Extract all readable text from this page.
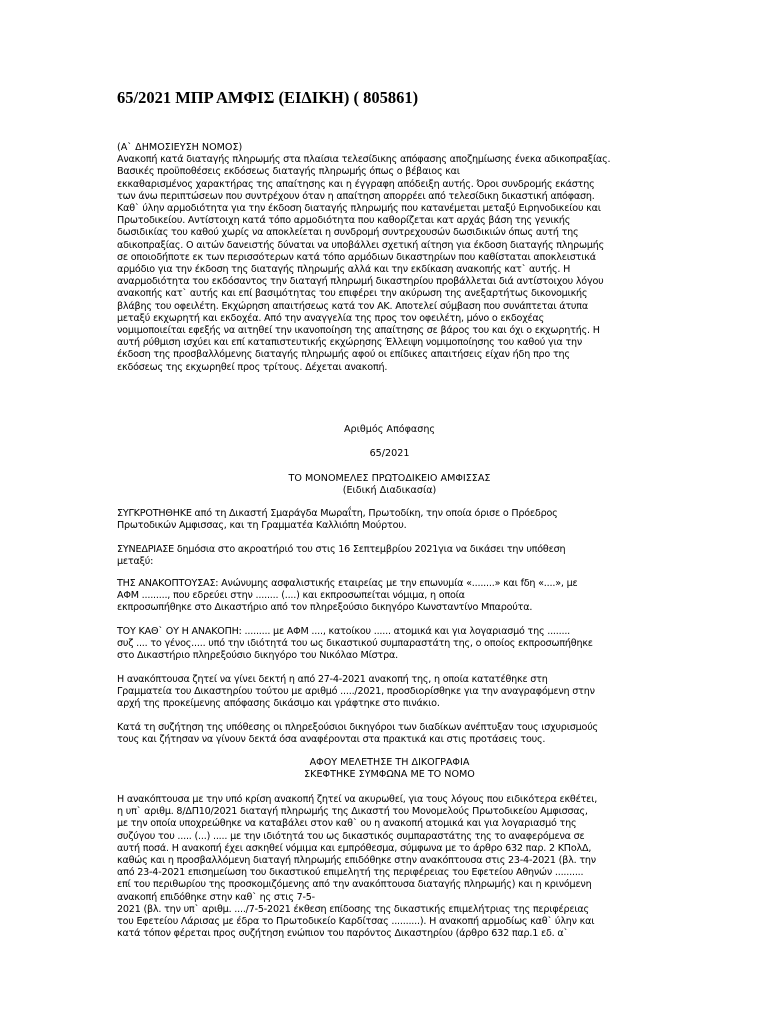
65/2021 ΜΠΡ ΑΜΦΙΣ (ΕΙΔΙΚΗ) ( 805861)

(Α` ΔΗΜΟΣΙΕΥΣΗ ΝΟΜΟΣ)

Ανακοπή κατά διαταγής πληρωμής στα πλαίσια τελεσίδικης απόφασης αποζημίωσης ένεκα αδικοπραξίας.

Βασικές προϋποθέσεις εκδόσεως διαταγής πληρωμής όπως ο βέβαιος και

εκκαθαρισμένος χαρακτήρας της απαίτησης και η έγγραφη απόδειξη αυτής. Όροι συνδρομής εκάστης

των άνω περιπτώσεων που συντρέχουν όταν η απαίτηση απορρέει από τελεσίδικη δικαστική απόφαση.

Καθ` ύλην αρμοδιότητα για την έκδοση διαταγής πληρωμής που κατανέμεται μεταξύ Ειρηνοδικείου και

Πρωτοδικείου. Αντίστοιχη κατά τόπο αρμοδιότητα που καθορίζεται κατ αρχάς βάση της γενικής

δωσιδικίας του καθού χωρίς να αποκλείεται η συνδρομή συντρεχουσών δωσιδικιών όπως αυτή της

αδικοπραξίας. Ο αιτών δανειστής δύναται να υποβάλλει σχετική αίτηση για έκδοση διαταγής πληρωμής

σε οποιοδήποτε εκ των περισσότερων κατά τόπο αρμόδιων δικαστηρίων που καθίσταται αποκλειστικά

αρμόδιο για την έκδοση της διαταγής πληρωμής αλλά και την εκδίκαση ανακοπής κατ` αυτής. Η

αναρμοδιότητα του εκδόσαντος την διαταγή πληρωμή δικαστηρίου προβάλλεται διά αντίστοιχου λόγου

ανακοπής κατ` αυτής και επί βασιμότητας του επιφέρει την ακύρωση της ανεξαρτήτως δικονομικής

βλάβης του οφειλέτη. Εκχώρηση απαιτήσεως κατά τον ΑΚ. Αποτελεί σύμβαση που συνάπτεται άτυπα

μεταξύ εκχωρητή και εκδοχέα. Από την αναγγελία της προς τον οφειλέτη, μόνο ο εκδοχέας

νομιμοποιείται εφεξής να αιτηθεί την ικανοποίηση της απαίτησης σε βάρος του και όχι ο εκχωρητής. Η

αυτή ρύθμιση ισχύει και επί καταπιστευτικής εκχώρησης Έλλειψη νομιμοποίησης του καθού για την

έκδοση της προσβαλλόμενης διαταγής πληρωμής αφού οι επίδικες απαιτήσεις είχαν ήδη προ της

εκδόσεως της εκχωρηθεί προς τρίτους. Δέχεται ανακοπή.

Αριθμός Απόφασης

65/2021

ΤΟ ΜΟΝΟΜΕΛΕΣ ΠΡΩΤΟΔΙΚΕΙΟ ΑΜΦΙΣΣΑΣ

(Ειδική Διαδικασία)

ΣΥΓΚΡΟΤΗΘΗΚΕ από τη Δικαστή Σμαράγδα Μωραΐτη, Πρωτοδίκη, την οποία όρισε ο Πρόεδρος

Πρωτοδικών Αμφισσας, και τη Γραμματέα Καλλιόπη Μούρτου.

ΣΥΝΕΔΡΙΑΣΕ δημόσια στο ακροατήριό του στις 16 Σεπτεμβρίου 2021για να δικάσει την υπόθεση

μεταξύ:

ΤΗΣ ΑΝΑΚΟΠΤΟΥΣΑΣ: Ανώνυμης ασφαλιστικής εταιρείας με την επωνυμία «........» και fδη «....», με

ΑΦΜ ........., που εδρεύει στην ........ (....) και εκπροσωπείται νόμιμα, η οποία

εκπροσωπήθηκε στο Δικαστήριο από τον πληρεξούσιο δικηγόρο Κωνσταντίνο Μπαρούτα.

ΤΟΥ ΚΑΘ` ΟΥ Η ΑΝΑΚΟΠΗ: ......... με ΑΦΜ ...., κατοίκου ...... ατομικά και για λογαριασμό της ........

συζ .... το γένος..... υπό την ιδιότητά του ως δικαστικού συμπαραστάτη της, ο οποίος εκπροσωπήθηκε

στο Δικαστήριο πληρεξούσιο δικηγόρο του Νικόλαο Μίστρα.

Η ανακόπτουσα ζητεί να γίνει δεκτή η από 27-4-2021 ανακοπή της, η οποία κατατέθηκε στη

Γραμματεία του Δικαστηρίου τούτου με αριθμό ...../2021, προσδιορίσθηκε για την αναγραφόμενη στην

αρχή της προκείμενης απόφασης δικάσιμο και γράφτηκε στο πινάκιο.

Κατά τη συζήτηση της υπόθεσης οι πληρεξούσιοι δικηγόροι των διαδίκων ανέπτυξαν τους ισχυρισμούς

τους και ζήτησαν να γίνουν δεκτά όσα αναφέρονται στα πρακτικά και στις προτάσεις τους.

ΑΦΟΥ ΜΕΛΕΤΗΣΕ ΤΗ ΔΙΚΟΓΡΑΦΙΑ

ΣΚΕΦΤΗΚΕ ΣΥΜΦΩΝΑ ΜΕ ΤΟ ΝΟΜΟ

Η ανακόπτουσα με την υπό κρίση ανακοπή ζητεί να ακυρωθεί, για τους λόγους που ειδικότερα εκθέτει,

η υπ` αριθμ. 8/ΔΠ10/2021 διαταγή πληρωμής της Δικαστή του Μονομελούς Πρωτοδικείου Αμφισσας,

με την οποία υποχρεώθηκε να καταβάλει στον καθ` ου η ανακοπή ατομικά και για λογαριασμό της

συζύγου του ..... (...) ..... με την ιδιότητά του ως δικαστικός συμπαραστάτης της το αναφερόμενα σε

αυτή ποσά. Η ανακοπή έχει ασκηθεί νόμιμα και εμπρόθεσμα, σύμφωνα με το άρθρο 632 παρ. 2 ΚΠολΔ,

καθώς και η προσβαλλόμενη διαταγή πληρωμής επιδόθηκε στην ανακόπτουσα στις 23-4-2021 (βλ. την

από 23-4-2021 επισημείωση του δικαστικού επιμελητή της περιφέρειας του Εφετείου Αθηνών ..........

επί του περιθωρίου της προσκομιζόμενης από την ανακόπτουσα διαταγής πληρωμής) και η κρινόμενη

ανακοπή επιδόθηκε στην καθ` ης στις 7-5-

2021 (βλ. την υπ` αριθμ. ..../7-5-2021 έκθεση επίδοσης της δικαστικής επιμελήτριας της περιφέρειας

του Εφετείου Λάρισας με έδρα το Πρωτοδικείο Καρδίτσας ..........). Η ανακοπή αρμοδίως καθ` ύλην και

κατά τόπον φέρεται προς συζήτηση ενώπιον του παρόντος Δικαστηρίου (άρθρο 632 παρ.1 εδ. α`
